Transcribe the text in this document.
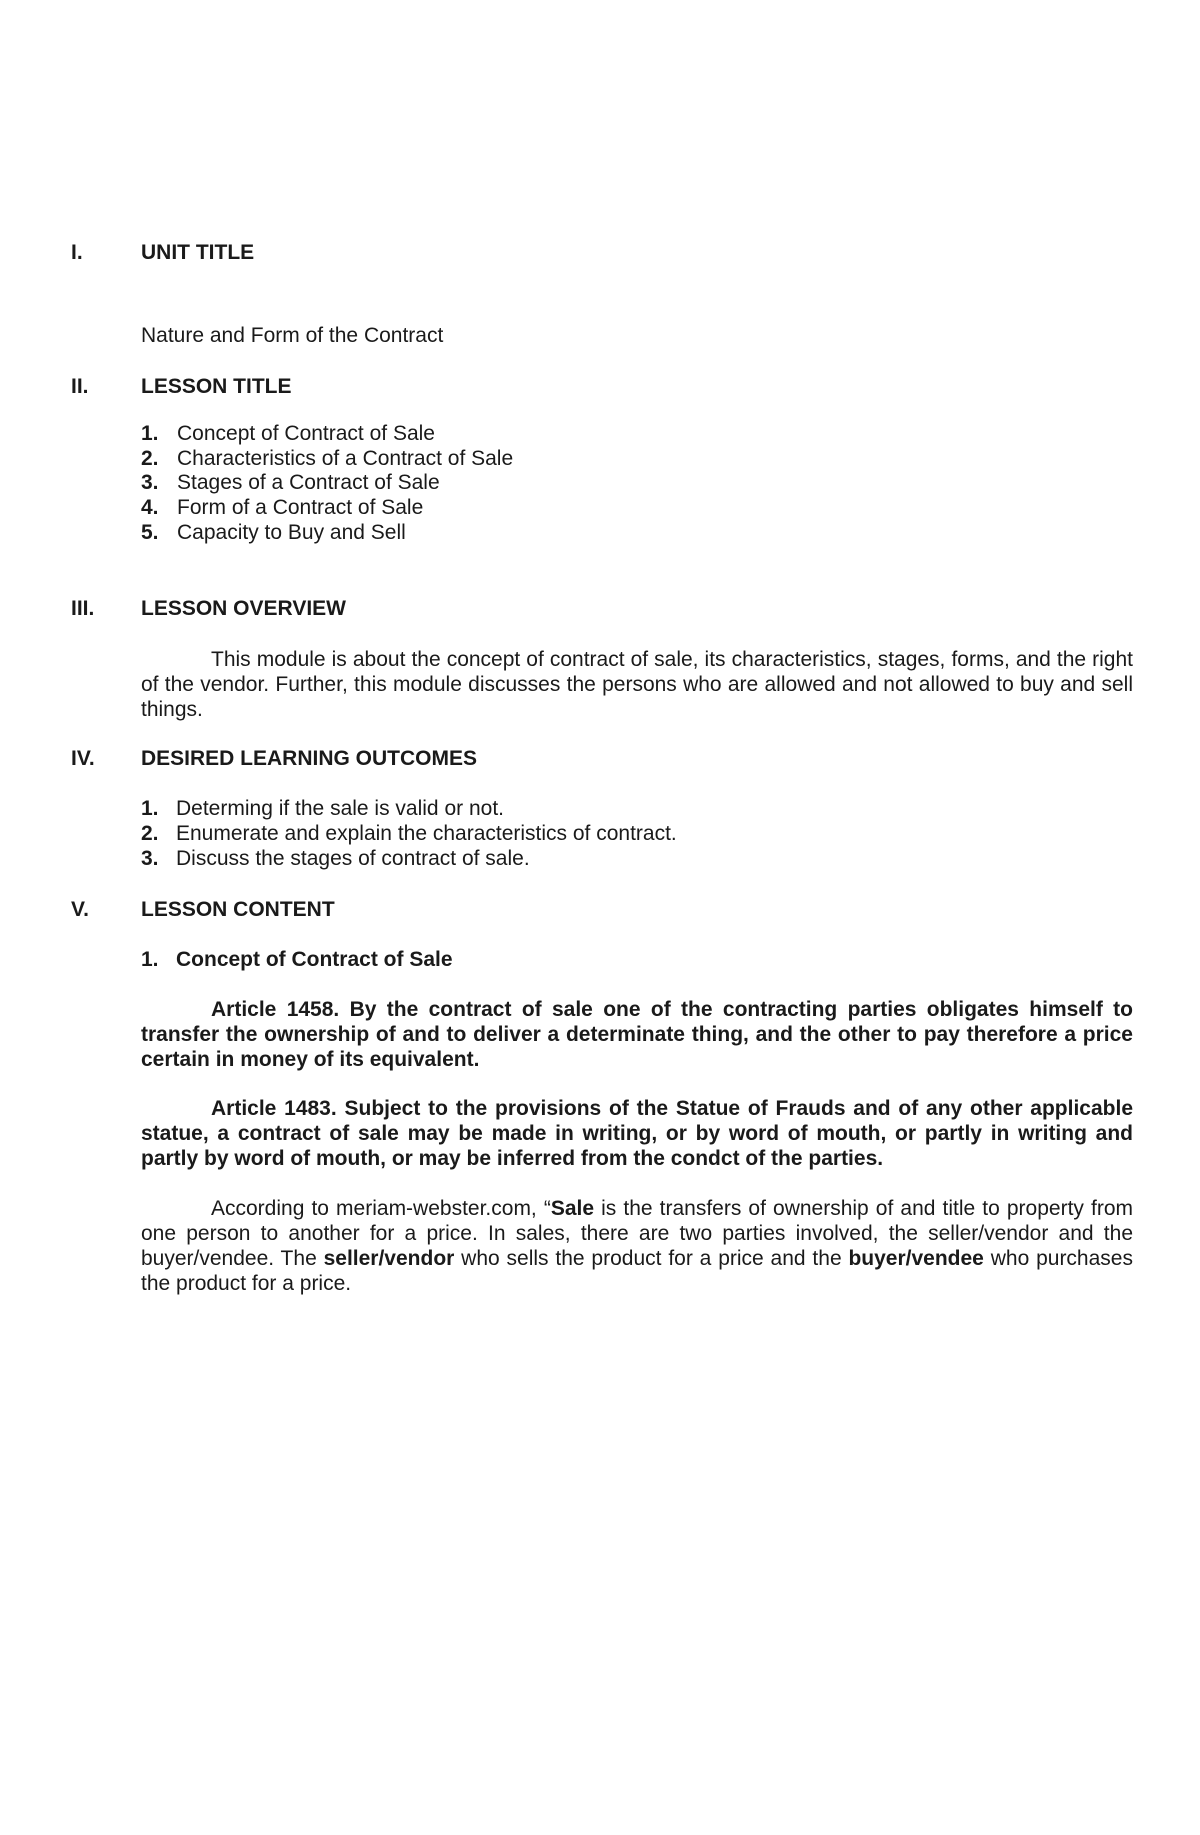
I.	UNIT TITLE
Nature and Form of the Contract
II. LESSON TITLE
1. Concept of Contract of Sale
2. Characteristics of a Contract of Sale
3. Stages of a Contract of Sale
4. Form of a Contract of Sale
5. Capacity to Buy and Sell
III. LESSON OVERVIEW
This module is about the concept of contract of sale, its characteristics, stages, forms, and the right of the vendor. Further, this module discusses the persons who are allowed and not allowed to buy and sell things.
IV. DESIRED LEARNING OUTCOMES
1. Determing if the sale is valid or not.
2. Enumerate and explain the characteristics of contract.
3. Discuss the stages of contract of sale.
V. LESSON CONTENT
1. Concept of Contract of Sale
Article 1458. By the contract of sale one of the contracting parties obligates himself to transfer the ownership of and to deliver a determinate thing, and the other to pay therefore a price certain in money of its equivalent.
Article 1483. Subject to the provisions of the Statue of Frauds and of any other applicable statue, a contract of sale may be made in writing, or by word of mouth, or partly in writing and partly by word of mouth, or may be inferred from the condct of the parties.
According to meriam-webster.com, “Sale is the transfers of ownership of and title to property from one person to another for a price. In sales, there are two parties involved, the seller/vendor and the buyer/vendee. The seller/vendor who sells the product for a price and the buyer/vendee who purchases the product for a price.
